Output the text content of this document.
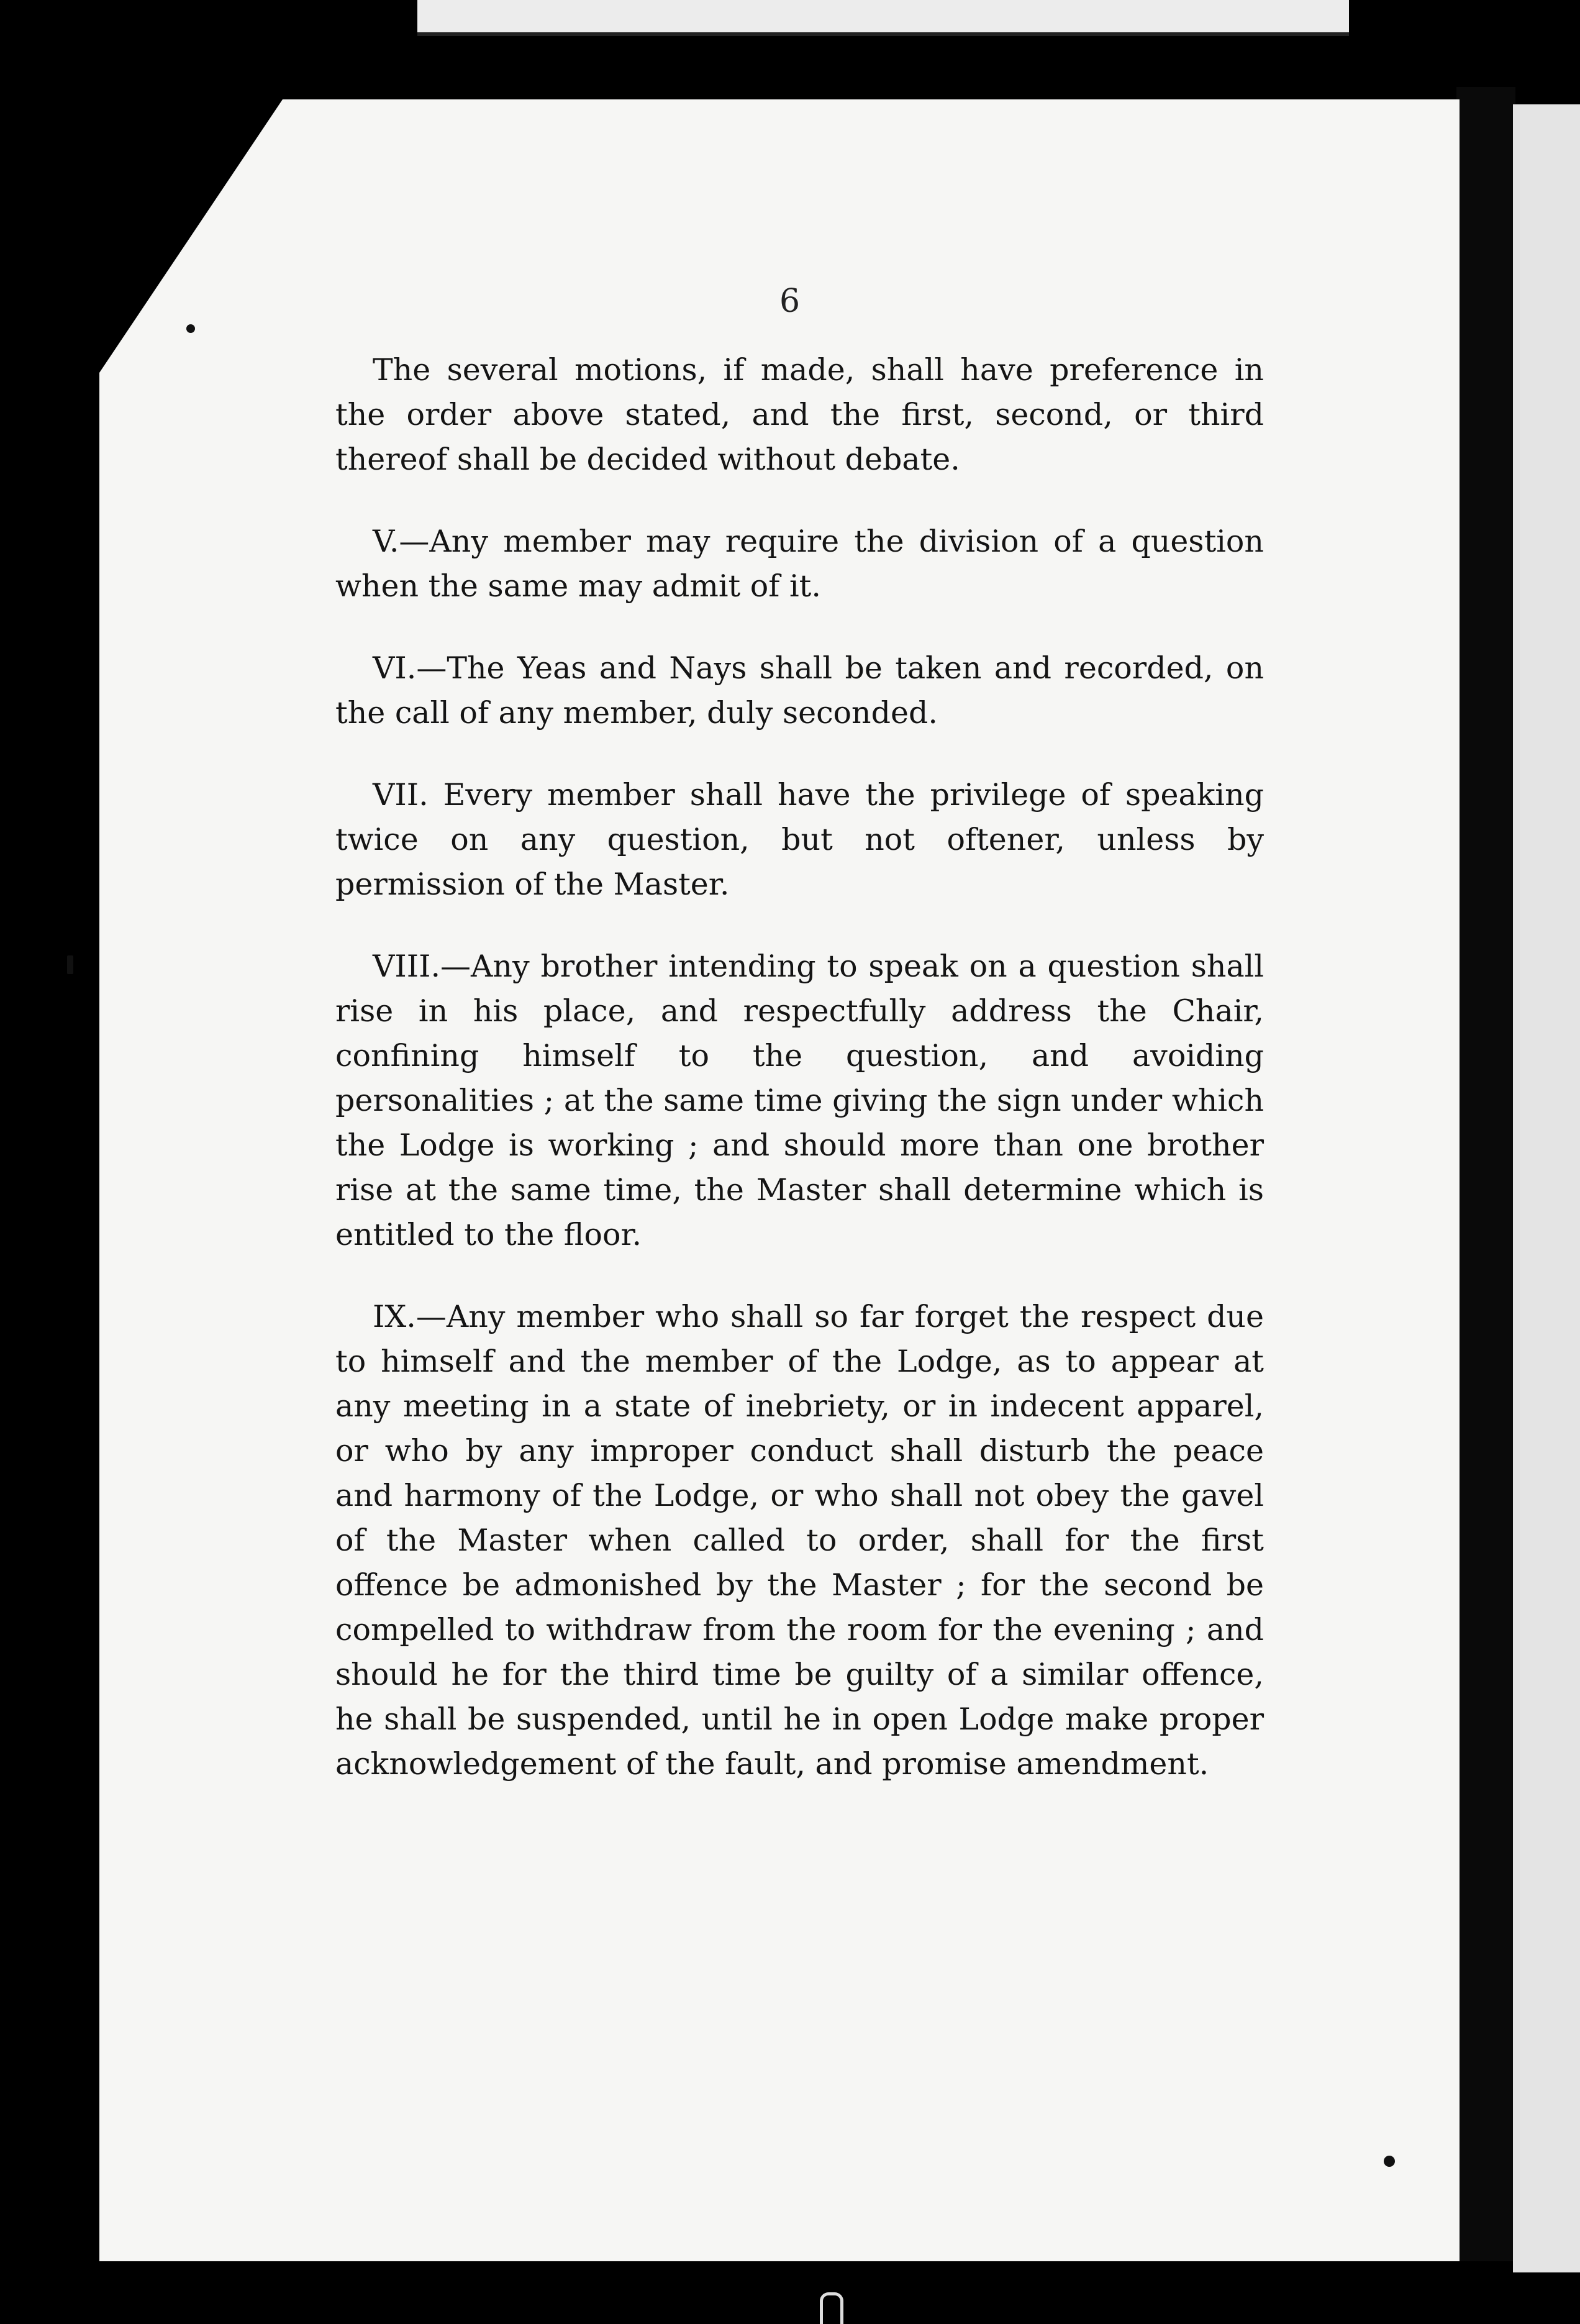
6

The several motions, if made, shall have preference in the order above stated, and the first, second, or third thereof shall be decided without debate.

V.—Any member may require the division of a question when the same may admit of it.

VI.—The Yeas and Nays shall be taken and recorded, on the call of any member, duly seconded.

VII. Every member shall have the privilege of speaking twice on any question, but not oftener, unless by permission of the Master.

VIII.—Any brother intending to speak on a question shall rise in his place, and respectfully address the Chair, confining himself to the question, and avoiding personalities ; at the same time giving the sign under which the Lodge is working ; and should more than one brother rise at the same time, the Master shall determine which is entitled to the floor.

IX.—Any member who shall so far forget the respect due to himself and the member of the Lodge, as to appear at any meeting in a state of inebriety, or in indecent apparel, or who by any improper conduct shall disturb the peace and harmony of the Lodge, or who shall not obey the gavel of the Master when called to order, shall for the first offence be admonished by the Master ; for the second be compelled to withdraw from the room for the evening ; and should he for the third time be guilty of a similar offence, he shall be suspended, until he in open Lodge make proper acknowledgement of the fault, and promise amendment.
